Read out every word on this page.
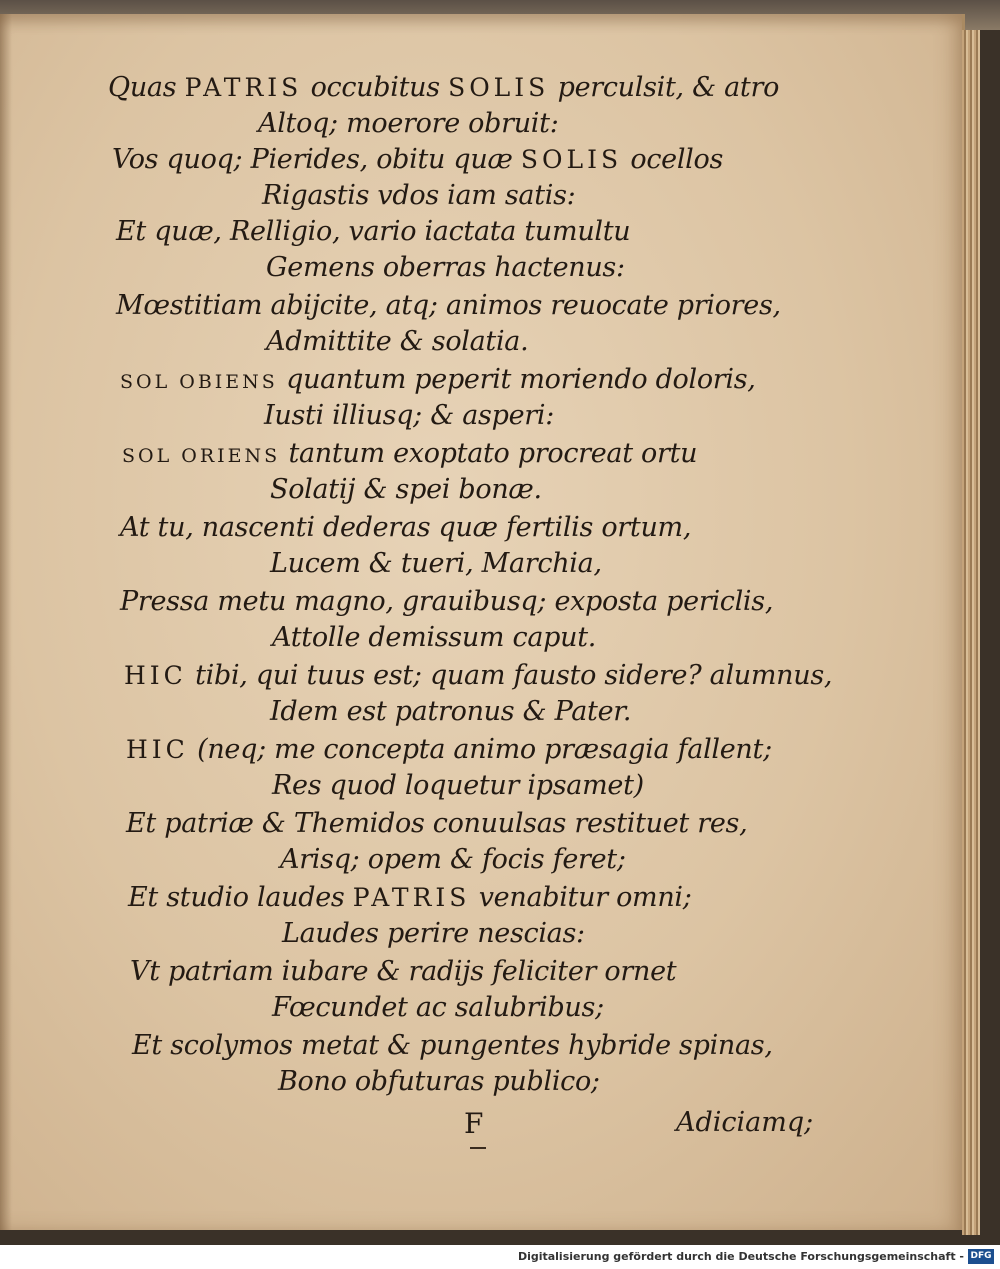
Quas PATRIS occubitus SOLIS perculsit, & atro
Altoq; moerore obruit:
Vos quoq; Pierides, obitu quæ SOLIS ocellos
Rigastis vdos iam satis:
Et quæ, Relligio, vario iactata tumultu
Gemens oberras hactenus:
Mœstitiam abijcite, atq; animos reuocate priores,
Admittite & solatia.
SOL OBIENS quantum peperit moriendo doloris,
Iusti illiusq; & asperi:
SOL ORIENS tantum exoptato procreat ortu
Solatij & spei bonæ.
At tu, nascenti dederas quæ fertilis ortum,
Lucem & tueri, Marchia,
Pressa metu magno, grauibusq; exposta periclis,
Attolle demissum caput.
HIC tibi, qui tuus est; quam fausto sidere? alumnus,
Idem est patronus & Pater.
HIC (neq; me concepta animo præsagia fallent;
Res quod loquetur ipsamet)
Et patriæ & Themidos conuulsas restituet res,
Arisq; opem & focis feret;
Et studio laudes PATRIS venabitur omni;
Laudes perire nescias:
Vt patriam iubare & radijs feliciter ornet
Fœcundet ac salubribus;
Et scolymos metat & pungentes hybride spinas,
Bono obfuturas publico;
F	Adiciamq;
Digitalisierung gefördert durch die Deutsche Forschungsgemeinschaft - DFG
